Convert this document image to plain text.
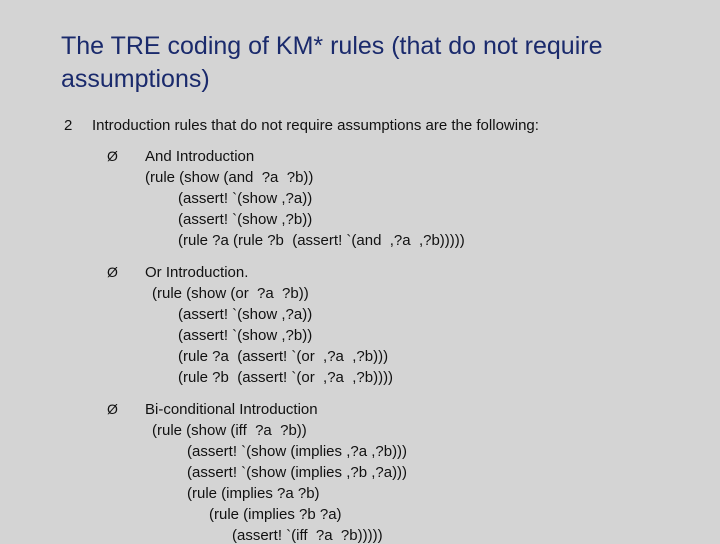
The TRE coding of KM* rules (that do not require assumptions)
2 Introduction rules that do not require assumptions are the following:
Ø And Introduction
(rule (show (and  ?a  ?b))
(assert! `(show ,?a))
(assert! `(show ,?b))
(rule ?a (rule ?b  (assert! `(and  ,?a  ,?b)))))
Ø Or Introduction.
(rule (show (or  ?a  ?b))
(assert! `(show ,?a))
(assert! `(show ,?b))
(rule ?a  (assert! `(or  ,?a  ,?b)))
(rule ?b  (assert! `(or  ,?a  ,?b))))
Ø Bi-conditional Introduction
(rule (show (iff  ?a  ?b))
(assert! `(show (implies ,?a ,?b)))
(assert! `(show (implies ,?b ,?a)))
(rule (implies ?a ?b)
(rule (implies ?b ?a)
(assert! `(iff  ?a  ?b)))))
